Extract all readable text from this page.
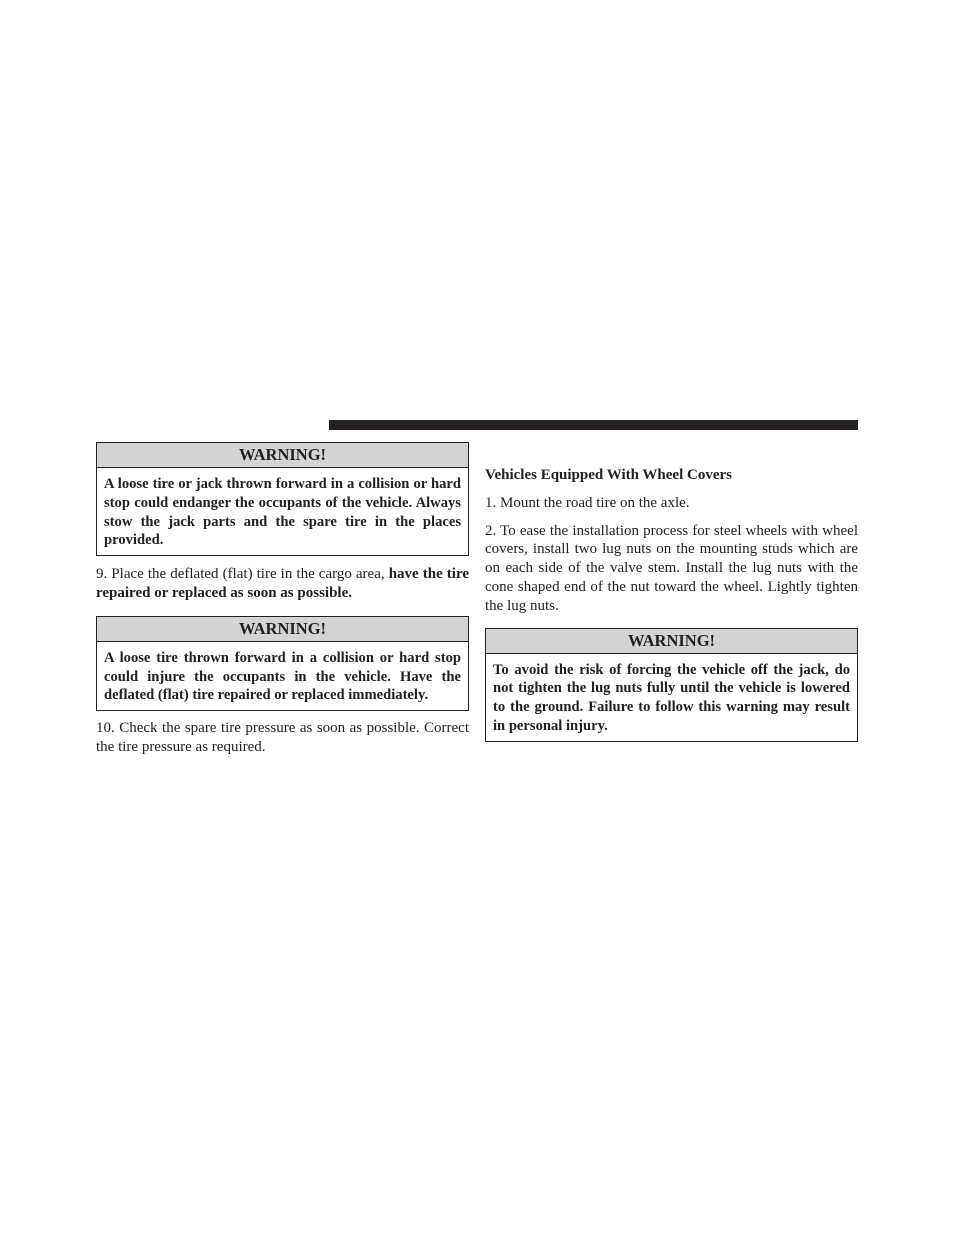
WARNING!
A loose tire or jack thrown forward in a collision or hard stop could endanger the occupants of the vehicle. Always stow the jack parts and the spare tire in the places provided.

9. Place the deflated (flat) tire in the cargo area, have the tire repaired or replaced as soon as possible.

WARNING!
A loose tire thrown forward in a collision or hard stop could injure the occupants in the vehicle. Have the deflated (flat) tire repaired or replaced immediately.

10. Check the spare tire pressure as soon as possible. Correct the tire pressure as required.

Vehicles Equipped With Wheel Covers

1. Mount the road tire on the axle.

2. To ease the installation process for steel wheels with wheel covers, install two lug nuts on the mounting studs which are on each side of the valve stem. Install the lug nuts with the cone shaped end of the nut toward the wheel. Lightly tighten the lug nuts.

WARNING!
To avoid the risk of forcing the vehicle off the jack, do not tighten the lug nuts fully until the vehicle is lowered to the ground. Failure to follow this warning may result in personal injury.
